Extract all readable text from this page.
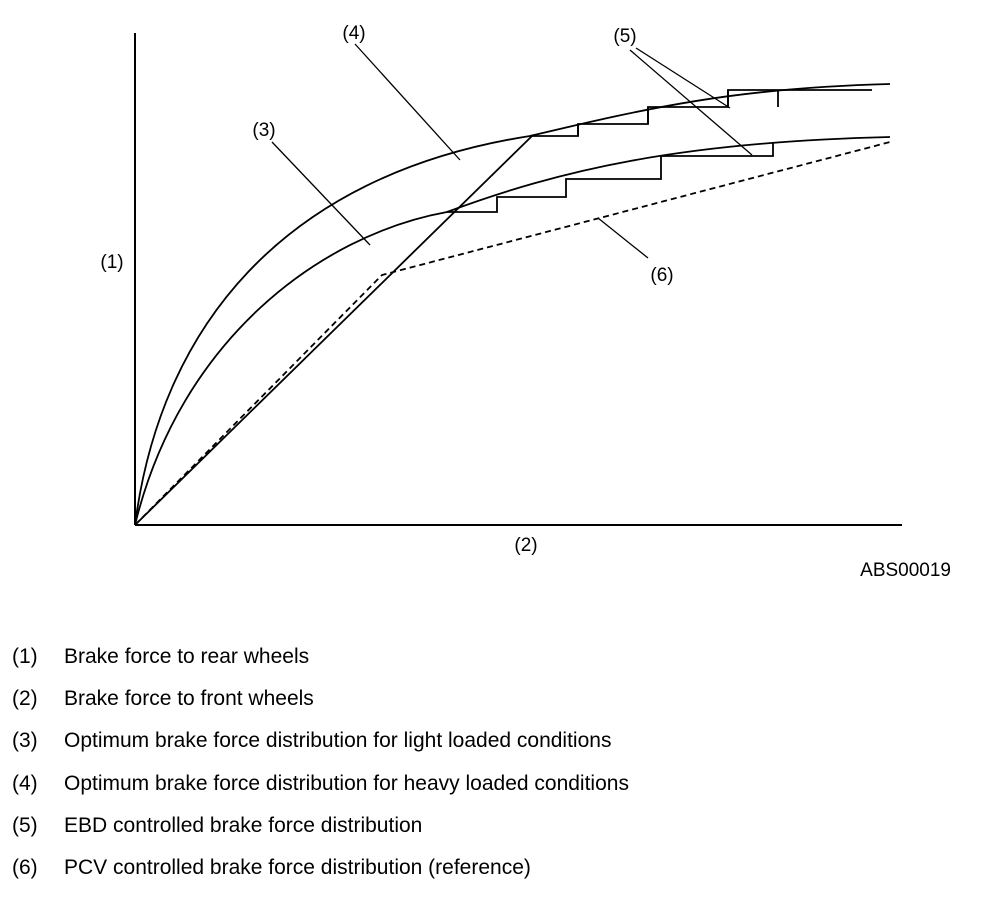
(1)
(2)
(3)
(4)	(5)
(6)
ABS00019
(1)	Brake force to rear wheels
(2)	Brake force to front wheels
(3)	Optimum brake force distribution for light loaded conditions
(4)	Optimum brake force distribution for heavy loaded conditions
(5)	EBD controlled brake force distribution
(6)	PCV controlled brake force distribution (reference)
